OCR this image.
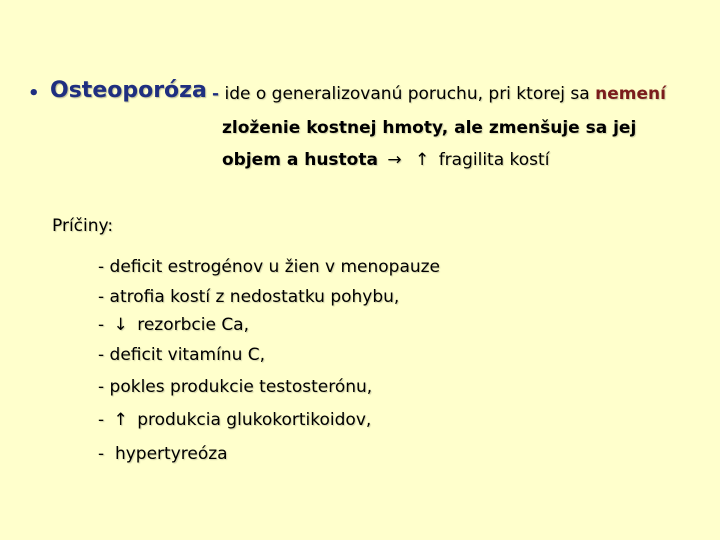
• Osteoporóza - ide o generalizovanú poruchu, pri ktorej sa nemení
zloženie kostnej hmoty, ale zmenšuje sa jej
objem a hustota → ↑ fragilita kostí
Príčiny:
- deficit estrogénov u žien v menopauze
- atrofia kostí z nedostatku pohybu,
- ↓ rezorbcie Ca,
- deficit vitamínu C,
- pokles produkcie testosterónu,
- ↑ produkcia glukokortikoidov,
-  hypertyreóza
